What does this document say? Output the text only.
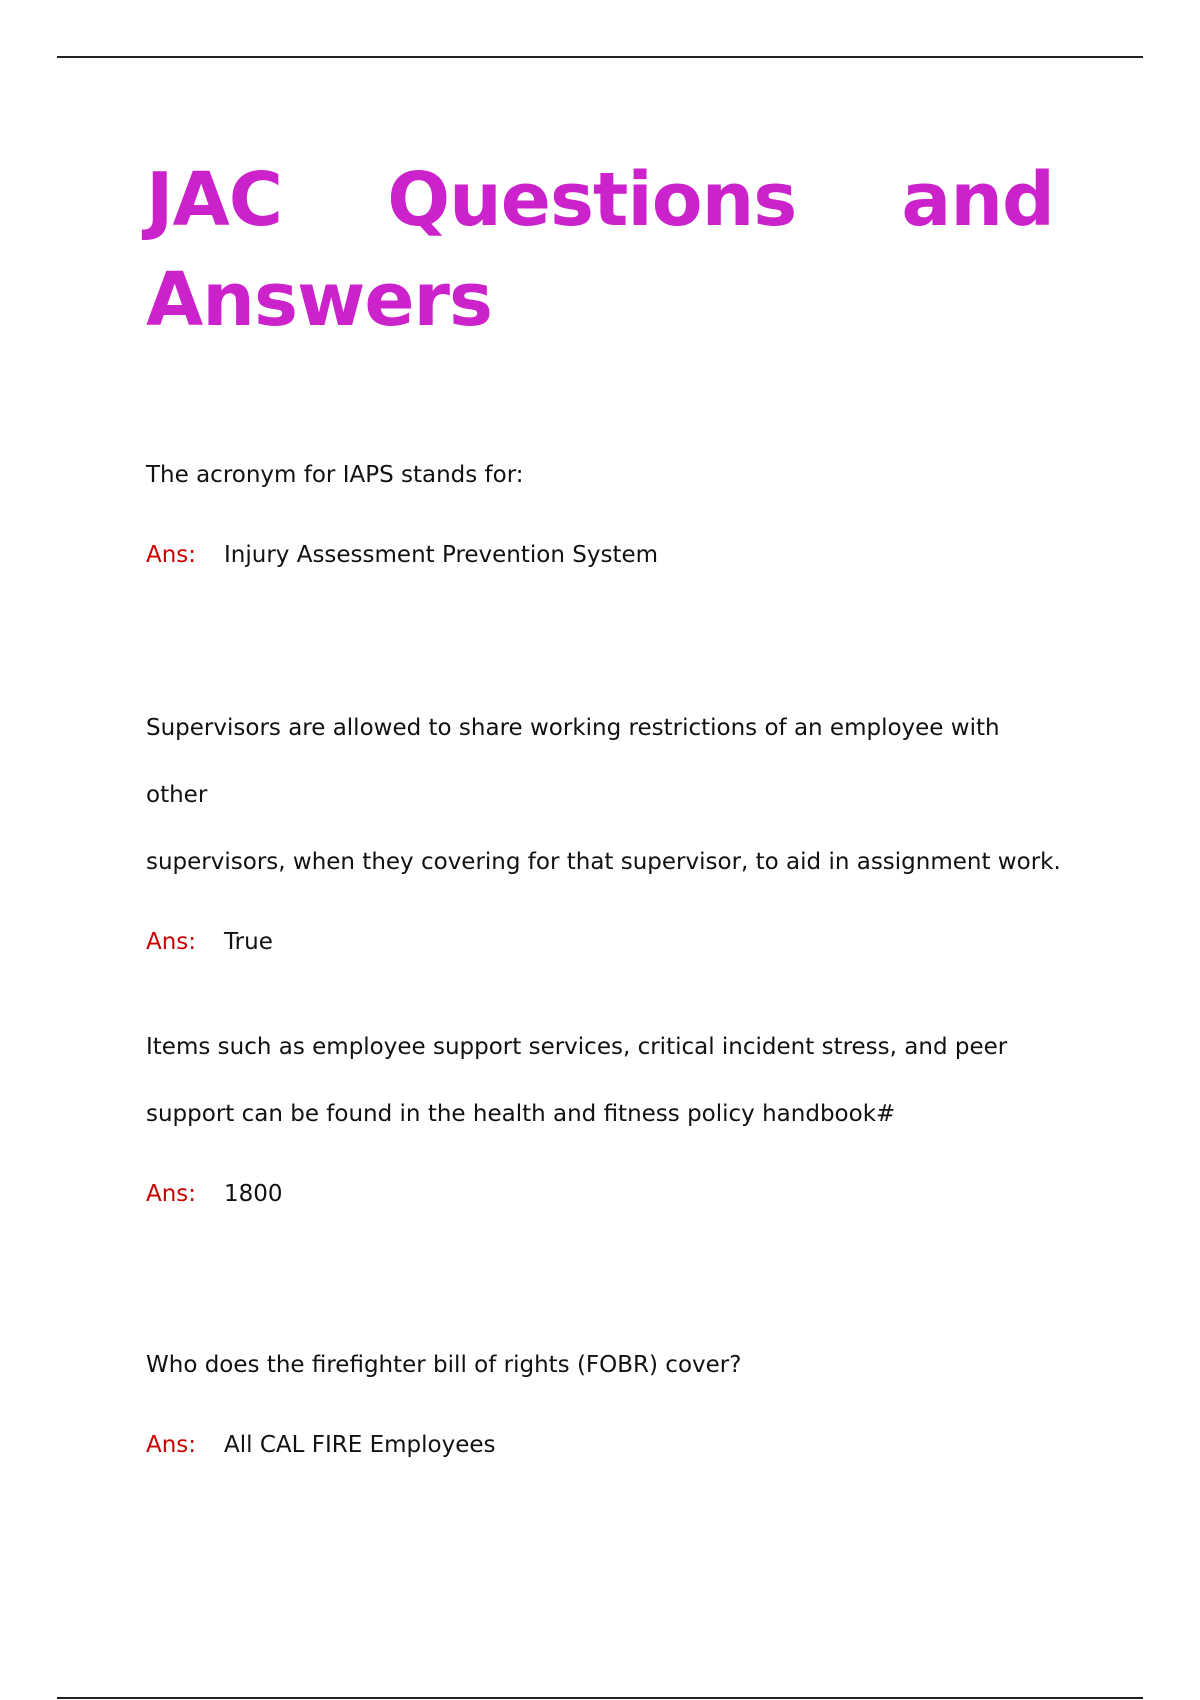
JAC Questions and
Answers

The acronym for IAPS stands for:

Ans:	Injury Assessment Prevention System

Supervisors are allowed to share working restrictions of an employee with other
supervisors, when they covering for that supervisor, to aid in assignment work.

Ans:	True

Items such as employee support services, critical incident stress, and peer
support can be found in the health and fitness policy handbook#

Ans:	1800

Who does the firefighter bill of rights (FOBR) cover?

Ans:	All CAL FIRE Employees
